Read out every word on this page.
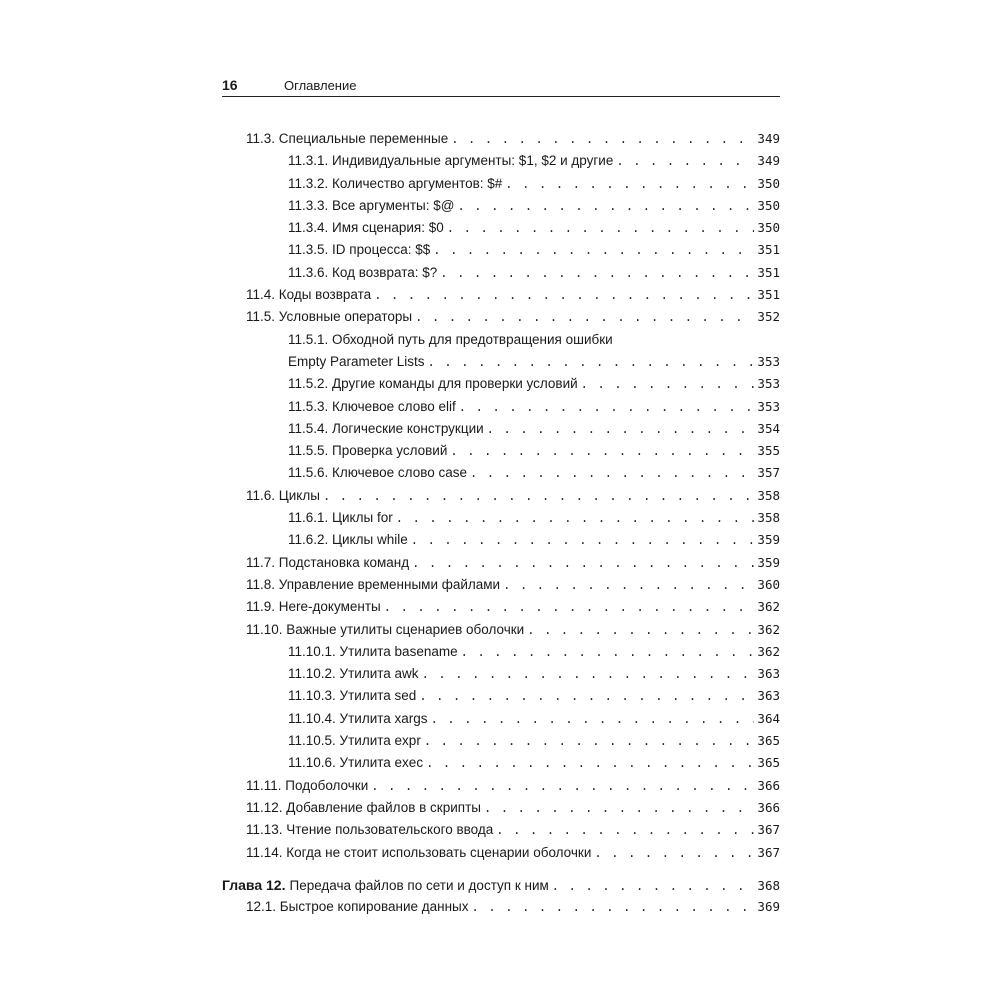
16	Оглавление
11.3. Специальные переменные . . .	349
11.3.1. Индивидуальные аргументы: $1, $2 и другие . . .	349
11.3.2. Количество аргументов: $# . . .	350
11.3.3. Все аргументы: $@ . . .	350
11.3.4. Имя сценария: $0 . . .	350
11.3.5. ID процесса: $$ . . .	351
11.3.6. Код возврата: $? . . .	351
11.4. Коды возврата . . .	351
11.5. Условные операторы . . .	352
11.5.1. Обходной путь для предотвращения ошибки
Empty Parameter Lists . . .	353
11.5.2. Другие команды для проверки условий . . .	353
11.5.3. Ключевое слово elif . . .	353
11.5.4. Логические конструкции . . .	354
11.5.5. Проверка условий . . .	355
11.5.6. Ключевое слово case . . .	357
11.6. Циклы . . .	358
11.6.1. Циклы for . . .	358
11.6.2. Циклы while . . .	359
11.7. Подстановка команд . . .	359
11.8. Управление временными файлами . . .	360
11.9. Here-документы . . .	362
11.10. Важные утилиты сценариев оболочки . . .	362
11.10.1. Утилита basename . . .	362
11.10.2. Утилита awk . . .	363
11.10.3. Утилита sed . . .	363
11.10.4. Утилита xargs . . .	364
11.10.5. Утилита expr . . .	365
11.10.6. Утилита exec . . .	365
11.11. Подоболочки . . .	366
11.12. Добавление файлов в скрипты . . .	366
11.13. Чтение пользовательского ввода . . .	367
11.14. Когда не стоит использовать сценарии оболочки . . .	367
Глава 12. Передача файлов по сети и доступ к ним . . .	368
12.1. Быстрое копирование данных . . .	369
